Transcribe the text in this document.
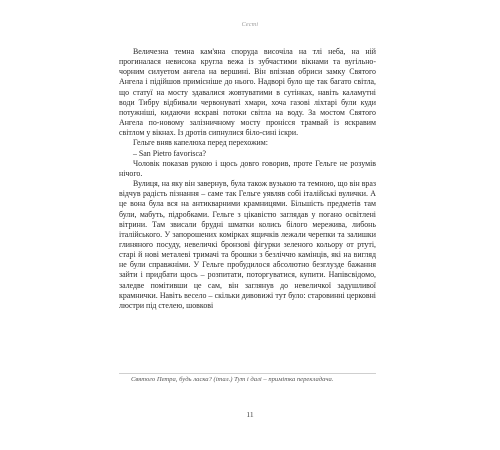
Сесті

Величезна темна кам'яна споруда височіла на тлі неба, на ній прогиналася невисока кругла вежа із зубчастими вікнами та вугільно-чорним силуетом ангела на вершині. Він впізнав обриси замку Святого Ангела і підійшов примісніше до нього. Надворі було ще так багато світла, що статуї на мосту здавалися жовтуватими в сутінках, навіть каламутні води Тибру відбивали червонуваті хмари, хоча газові ліхтарі були куди потужніші, кидаючи яскраві потоки світла на воду. За мостом Святого Ангела по-новому залізничному мосту пронісся трамвай із яскравим світлом у вікнах. Із дротів сипнулися біло-сині іскри.

Гельге вняв капелюха перед перехожим:

– San Pietro favorisca?

Чоловік показав рукою і щось довго говорив, проте Гельге не розумів нічого.

Вулиця, на яку він завернув, була також вузькою та темною, що він враз відчув радість пізнання – саме так Гельге уявляв собі італійські вулички. А це вона була вся на антикварними крамницями. Більшість предметів там були, мабуть, підробками. Гельге з цікавістю заглядав у погано освітлені вітрини. Там звисали брудні шматки колись білого мережива, либонь італійського. У запорошених комірках ящичків лежали черепки та залишки глиняного посуду, невеличкі бронзові фігурки зеленого кольору от ртуті, старі й нові металеві тримачі та брошки з безліччю камінців, які на вигляд не були справжніми. У Гельге пробудилося абсолютно безглузде бажання зайти і придбати щось – розпитати, поторгуватися, купити. Напівсвідомо, заледве помітивши це сам, він заглянув до невеличкої задушливої крамнички. Навіть весело – скільки дивовижі тут було: старовинні церковні люстри під стелею, шовкові

Святого Петра, будь ласка? (італ.) Тут і далі – примітка перекладача.
11
